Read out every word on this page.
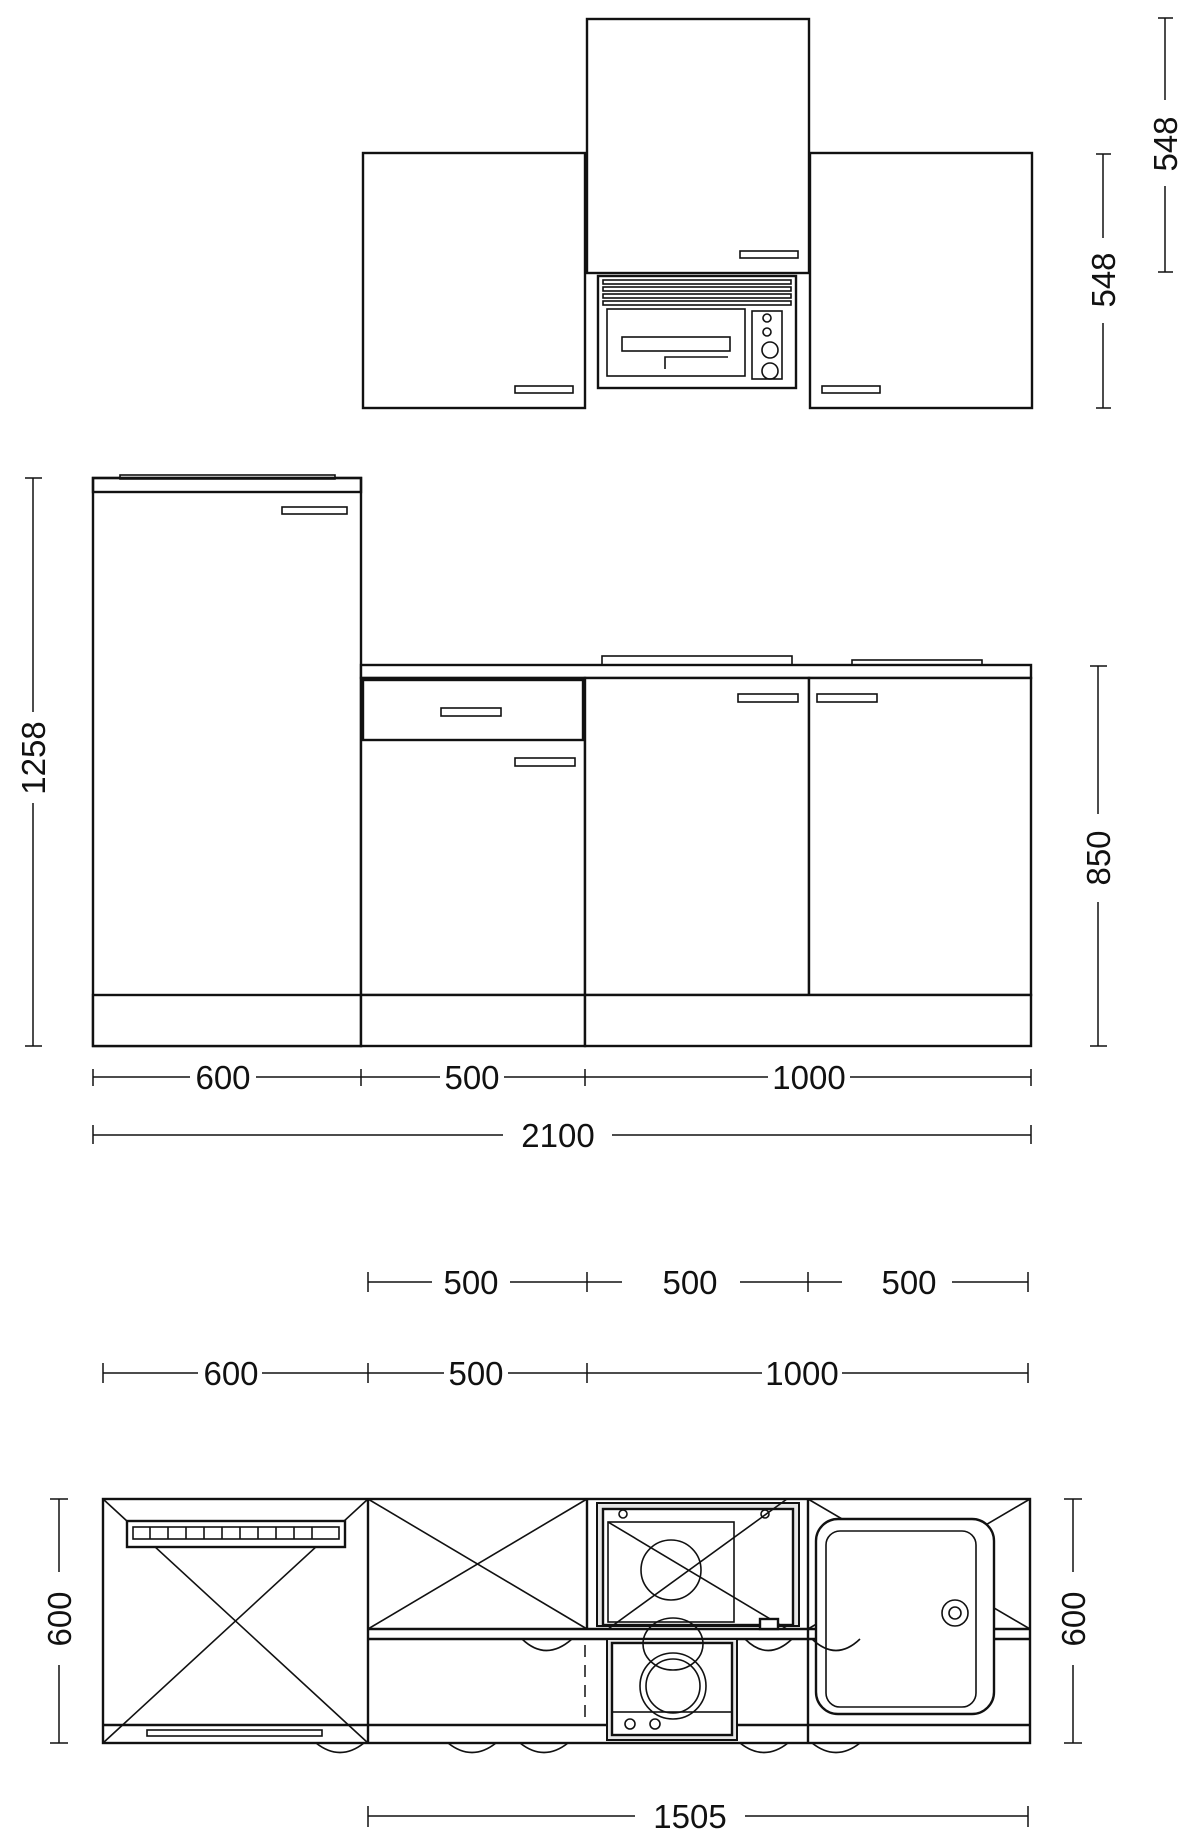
548
548
1258
850
600	500	1000
2100
500	500	500
600	500	1000
600	600
1505
